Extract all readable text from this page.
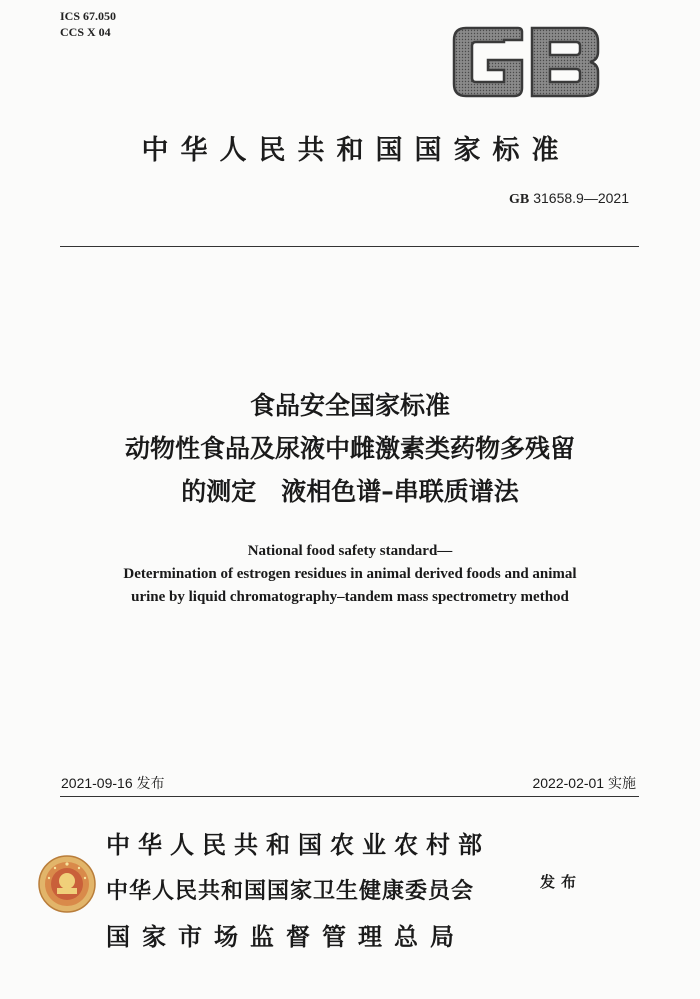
ICS 67.050
CCS X 04
中华人民共和国国家标准
GB 31658.9—2021
食品安全国家标准
动物性食品及尿液中雌激素类药物多残留
的测定　液相色谱–串联质谱法
National food safety standard—
Determination of estrogen residues in animal derived foods and animal
urine by liquid chromatography–tandem mass spectrometry method
2021-09-16 发布	2022-02-01 实施
中华人民共和国农业农村部
中华人民共和国国家卫生健康委员会
国家市场监督管理总局
发布
